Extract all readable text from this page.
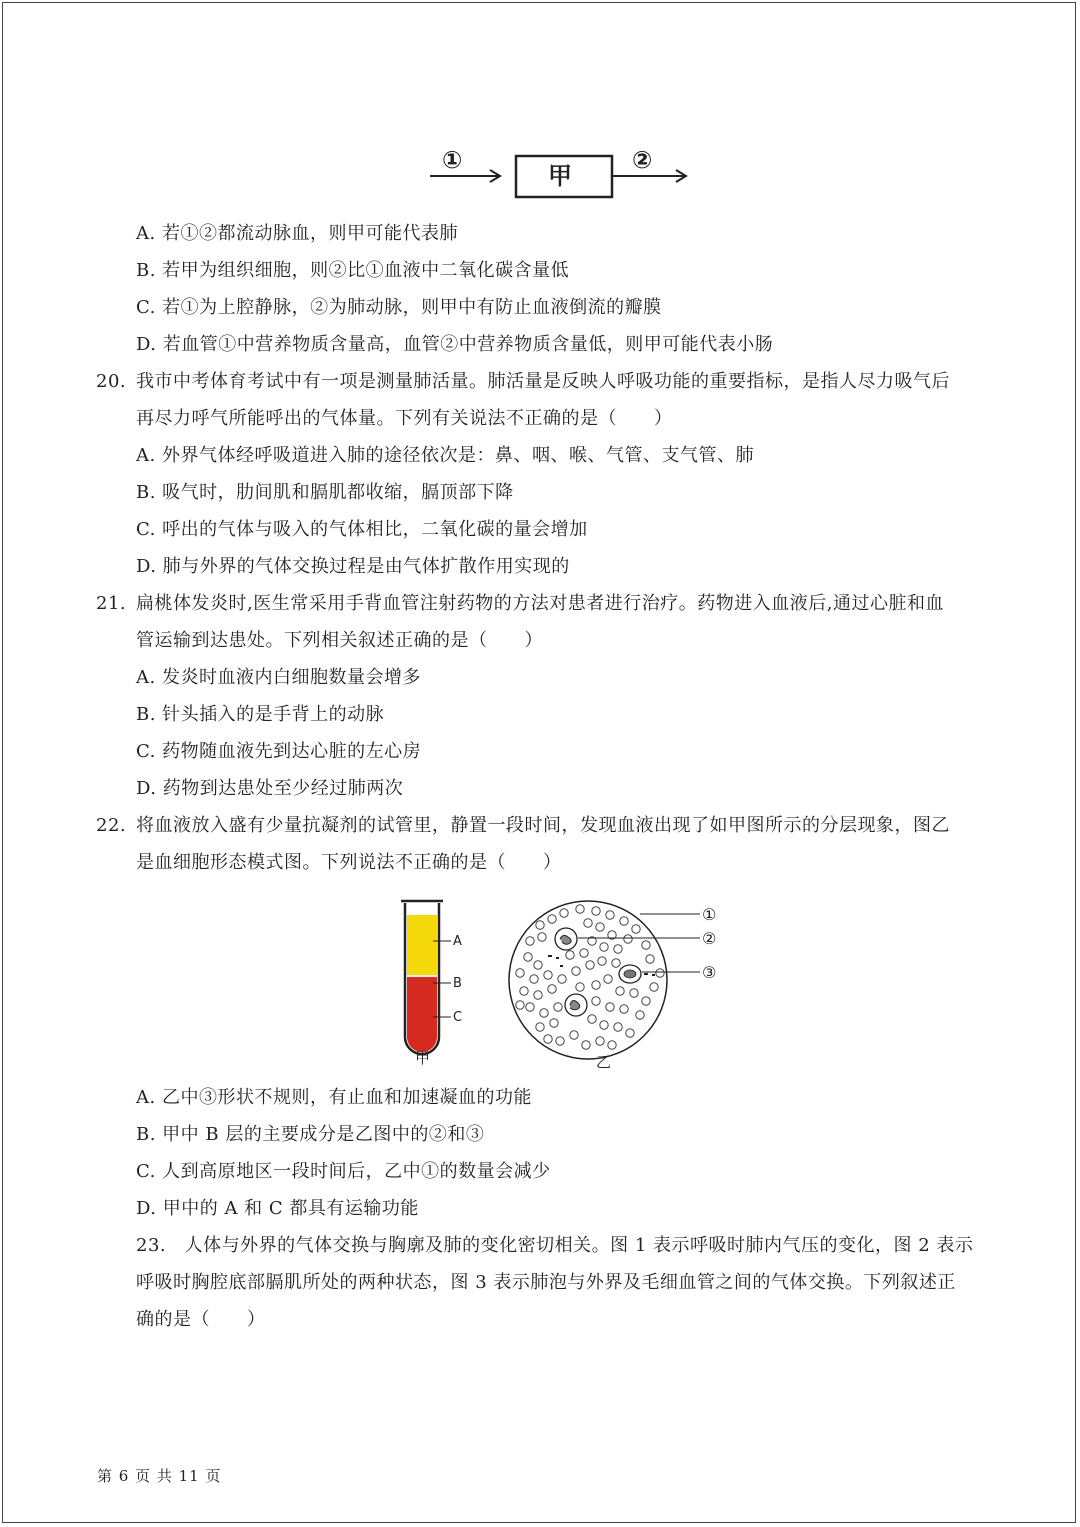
①
甲
②
A. 若①②都流动脉血，则甲可能代表肺
B. 若甲为组织细胞，则②比①血液中二氧化碳含量低
C. 若①为上腔静脉，②为肺动脉，则甲中有防止血液倒流的瓣膜
D. 若血管①中营养物质含量高，血管②中营养物质含量低，则甲可能代表小肠
20. 我市中考体育考试中有一项是测量肺活量。肺活量是反映人呼吸功能的重要指标，是指人尽力吸气后
再尽力呼气所能呼出的气体量。下列有关说法不正确的是（　　）
A. 外界气体经呼吸道进入肺的途径依次是：鼻、咽、喉、气管、支气管、肺
B. 吸气时，肋间肌和膈肌都收缩，膈顶部下降
C. 呼出的气体与吸入的气体相比，二氧化碳的量会增加
D. 肺与外界的气体交换过程是由气体扩散作用实现的
21. 扁桃体发炎时,医生常采用手背血管注射药物的方法对患者进行治疗。药物进入血液后,通过心脏和血
管运输到达患处。下列相关叙述正确的是（　　）
A. 发炎时血液内白细胞数量会增多
B. 针头插入的是手背上的动脉
C. 药物随血液先到达心脏的左心房
D. 药物到达患处至少经过肺两次
22. 将血液放入盛有少量抗凝剂的试管里，静置一段时间，发现血液出现了如甲图所示的分层现象，图乙
是血细胞形态模式图。下列说法不正确的是（　　）
A
B
C
甲
①
②
③
乙
A. 乙中③形状不规则，有止血和加速凝血的功能
B. 甲中 B 层的主要成分是乙图中的②和③
C. 人到高原地区一段时间后，乙中①的数量会减少
D. 甲中的 A 和 C 都具有运输功能
23.　人体与外界的气体交换与胸廓及肺的变化密切相关。图 1 表示呼吸时肺内气压的变化，图 2 表示
呼吸时胸腔底部膈肌所处的两种状态，图 3 表示肺泡与外界及毛细血管之间的气体交换。下列叙述正
确的是（　　）
第 6 页 共 11 页
